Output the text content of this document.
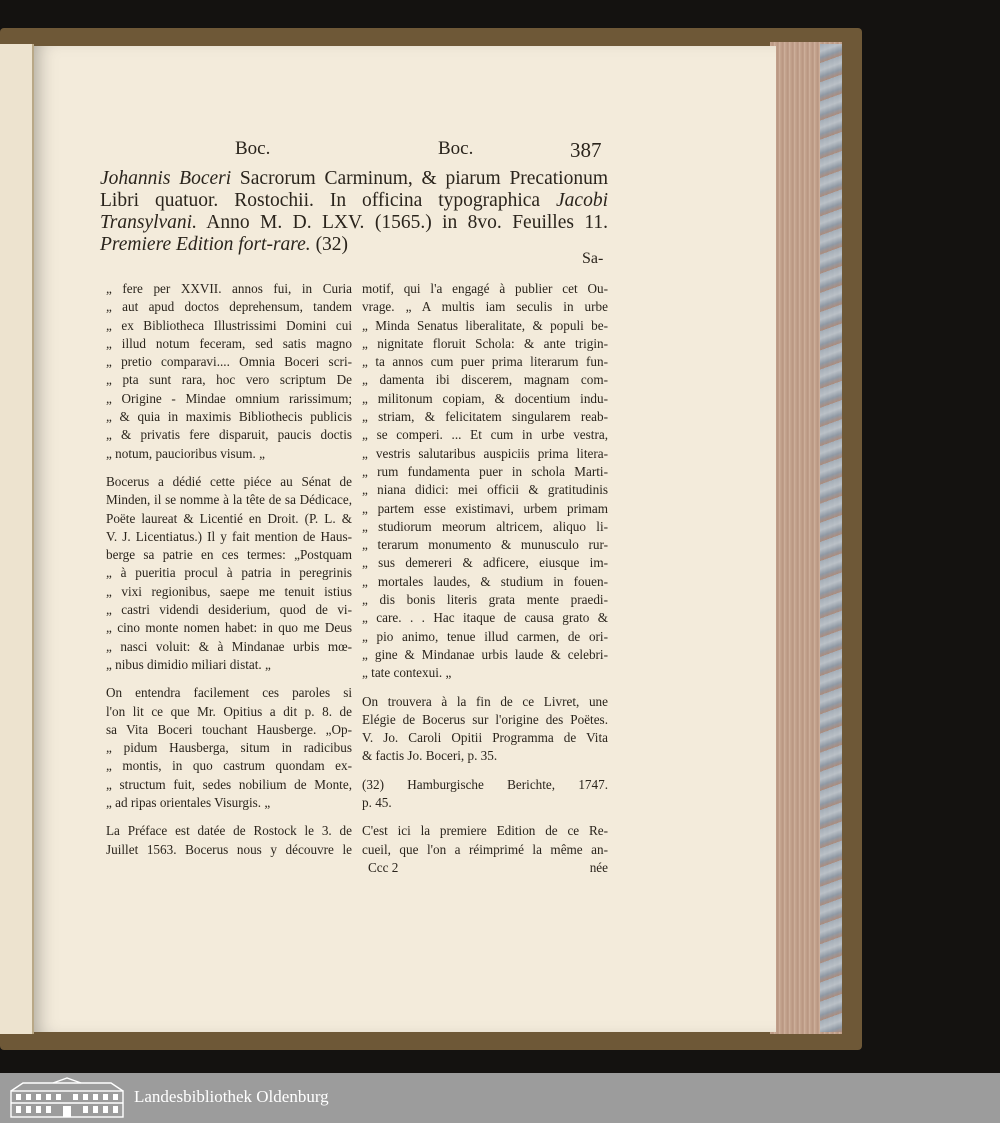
Boc.	Boc.	387
Johannis Boceri Sacrorum Carminum, & piarum Precationum Libri quatuor. Rostochii. In officina typographica Jacobi Transylvani. Anno M. D. LXV. (1565.) in 8vo. Feuilles 11. Premiere Edition fort-rare. (32)
Sa-
„ fere per XXVII. annos fui, in Curia
„ aut apud doctos deprehensum, tandem
„ ex Bibliotheca Illustrissimi Domini cui
„ illud notum feceram, sed satis magno
„ pretio comparavi.... Omnia Boceri scri-
„ pta sunt rara, hoc vero scriptum De
„ Origine - Mindae omnium rarissimum;
„ & quia in maximis Bibliothecis publicis
„ & privatis fere disparuit, paucis doctis
„ notum, paucioribus visum. „
Bocerus a dédié cette piéce au Sénat de
Minden, il se nomme à la tête de sa Dédicace,
Poëte laureat & Licentié en Droit. (P. L. &
V. J. Licentiatus.) Il y fait mention de Haus-
berge sa patrie en ces termes: „Postquam
„ à pueritia procul à patria in peregrinis
„ vixi regionibus, saepe me tenuit istius
„ castri videndi desiderium, quod de vi-
„ cino monte nomen habet: in quo me Deus
„ nasci voluit: & à Mindanae urbis mœ-
„ nibus dimidio miliari distat. „
On entendra facilement ces paroles si
l'on lit ce que Mr. Opitius a dit p. 8. de
sa Vita Boceri touchant Hausberge. „Op-
„ pidum Hausberga, situm in radicibus
„ montis, in quo castrum quondam ex-
„ structum fuit, sedes nobilium de Monte,
„ ad ripas orientales Visurgis. „
La Préface est datée de Rostock le 3. de
Juillet 1563. Bocerus nous y découvre le
motif, qui l'a engagé à publier cet Ou-
vrage. „ A multis iam seculis in urbe
„ Minda Senatus liberalitate, & populi be-
„ nignitate floruit Schola: & ante trigin-
„ ta annos cum puer prima literarum fun-
„ damenta ibi discerem, magnam com-
„ militonum copiam, & docentium indu-
„ striam, & felicitatem singularem reab-
„ se comperi. ... Et cum in urbe vestra,
„ vestris salutaribus auspiciis prima litera-
„ rum fundamenta puer in schola Marti-
„ niana didici: mei officii & gratitudinis
„ partem esse existimavi, urbem primam
„ studiorum meorum altricem, aliquo li-
„ terarum monumento & munusculo rur-
„ sus demereri & adficere, eiusque im-
„ mortales laudes, & studium in fouen-
„ dis bonis literis grata mente praedi-
„ care. . . Hac itaque de causa grato &
„ pio animo, tenue illud carmen, de ori-
„ gine & Mindanae urbis laude & celebri-
„ tate contexui. „
On trouvera à la fin de ce Livret, une
Elégie de Bocerus sur l'origine des Poëtes.
V. Jo. Caroli Opitii Programma de Vita
& factis Jo. Boceri, p. 35.
(32) Hamburgische Berichte, 1747.
p. 45.
C'est ici la premiere Edition de ce Re-
cueil, que l'on a réimprimé la même an-
Ccc 2	née
Landesbibliothek Oldenburg
